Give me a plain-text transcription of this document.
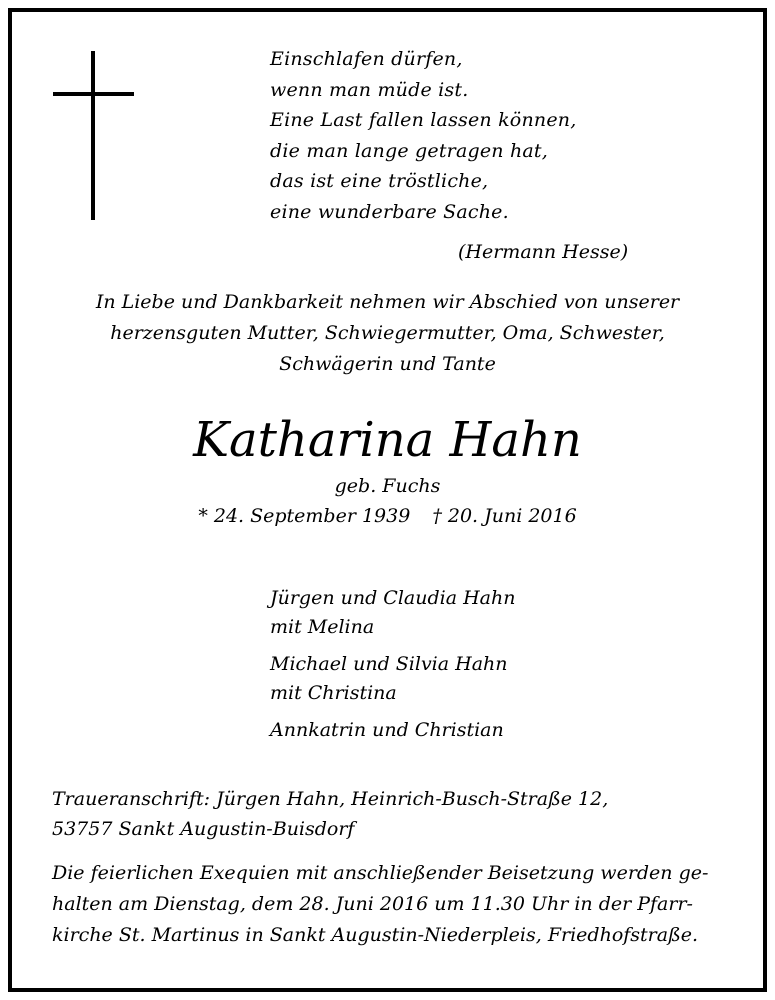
Einschlafen dürfen,
wenn man müde ist.
Eine Last fallen lassen können,
die man lange getragen hat,
das ist eine tröstliche,
eine wunderbare Sache.
(Hermann Hesse)
In Liebe und Dankbarkeit nehmen wir Abschied von unserer
herzensguten Mutter, Schwiegermutter, Oma, Schwester,
Schwägerin und Tante
Katharina Hahn
geb. Fuchs
* 24. September 1939 † 20. Juni 2016
Jürgen und Claudia Hahn
mit Melina
Michael und Silvia Hahn
mit Christina
Annkatrin und Christian
Traueranschrift: Jürgen Hahn, Heinrich-Busch-Straße 12,
53757 Sankt Augustin-Buisdorf
Die feierlichen Exequien mit anschließender Beisetzung werden ge-
halten am Dienstag, dem 28. Juni 2016 um 11.30 Uhr in der Pfarr-
kirche St. Martinus in Sankt Augustin-Niederpleis, Friedhofstraße.
